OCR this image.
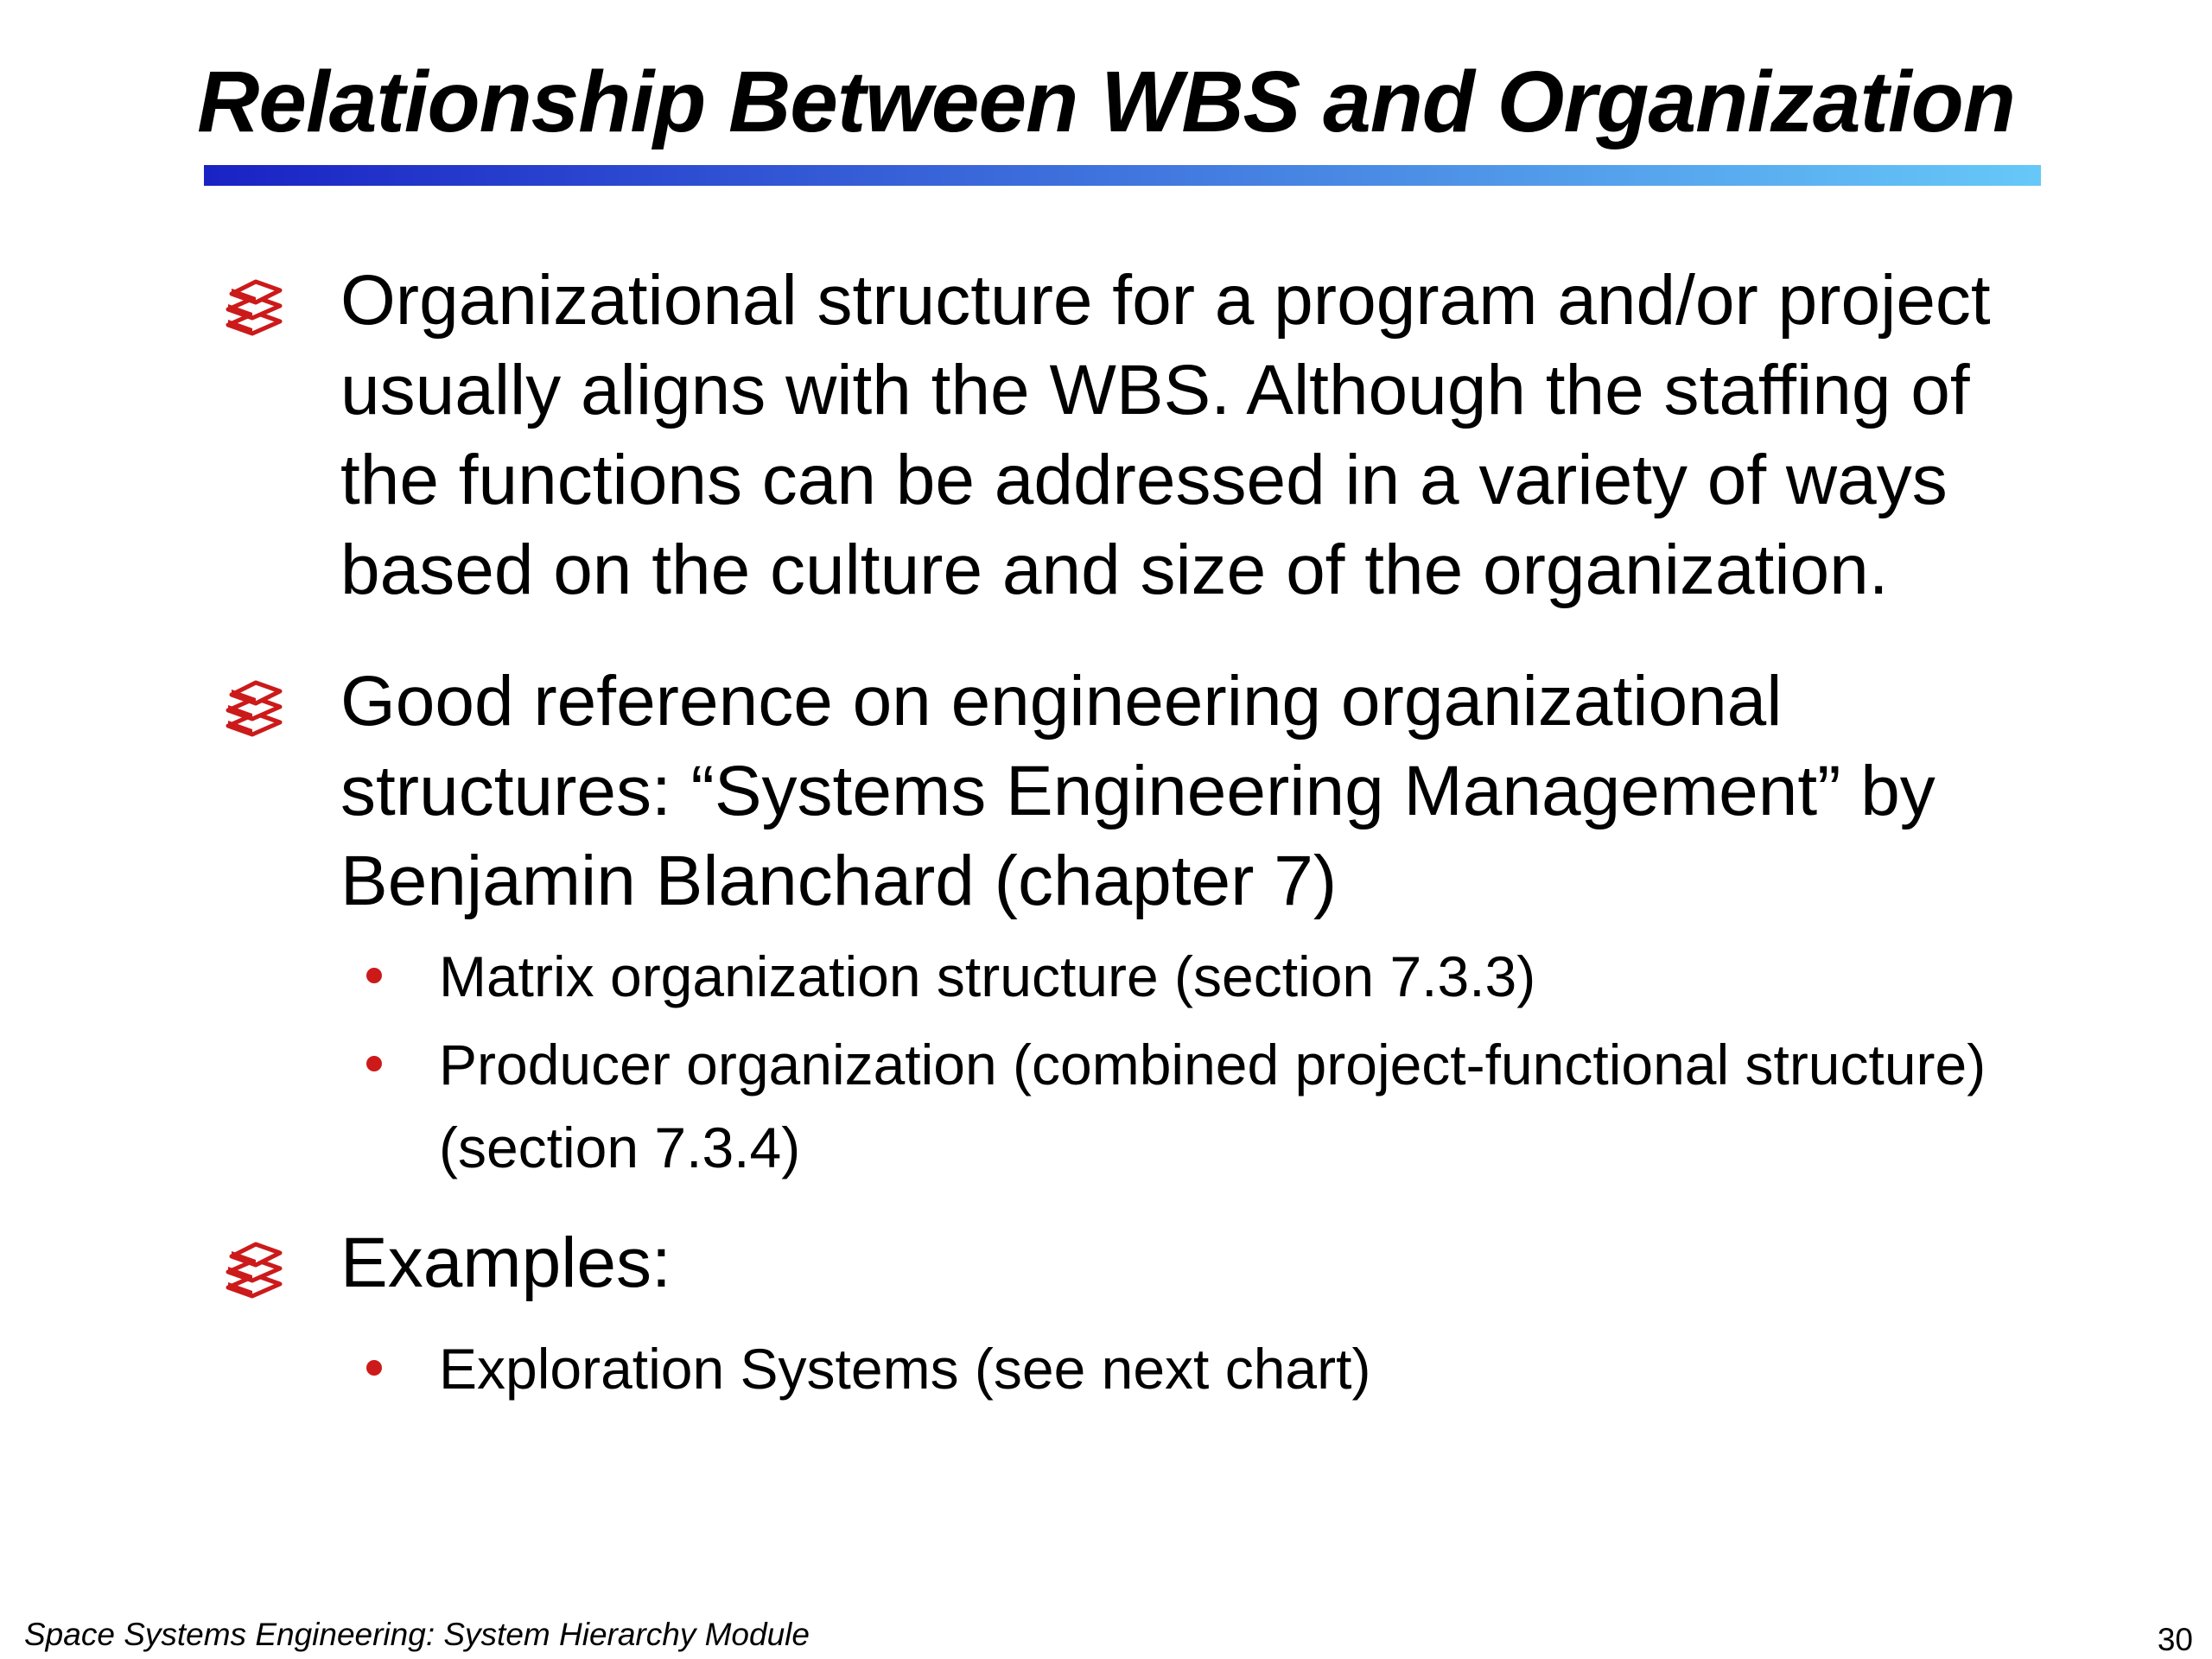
Relationship Between WBS and Organization

Organizational structure for a program and/or project
usually aligns with the WBS. Although the staffing of
the functions can be addressed in a variety of ways
based on the culture and size of the organization.

Good reference on engineering organizational
structures: “Systems Engineering Management” by
Benjamin Blanchard (chapter 7)

Matrix organization structure (section 7.3.3)

Producer organization (combined project-functional structure)
(section 7.3.4)

Examples:

Exploration Systems (see next chart)

Space Systems Engineering: System Hierarchy Module	30
